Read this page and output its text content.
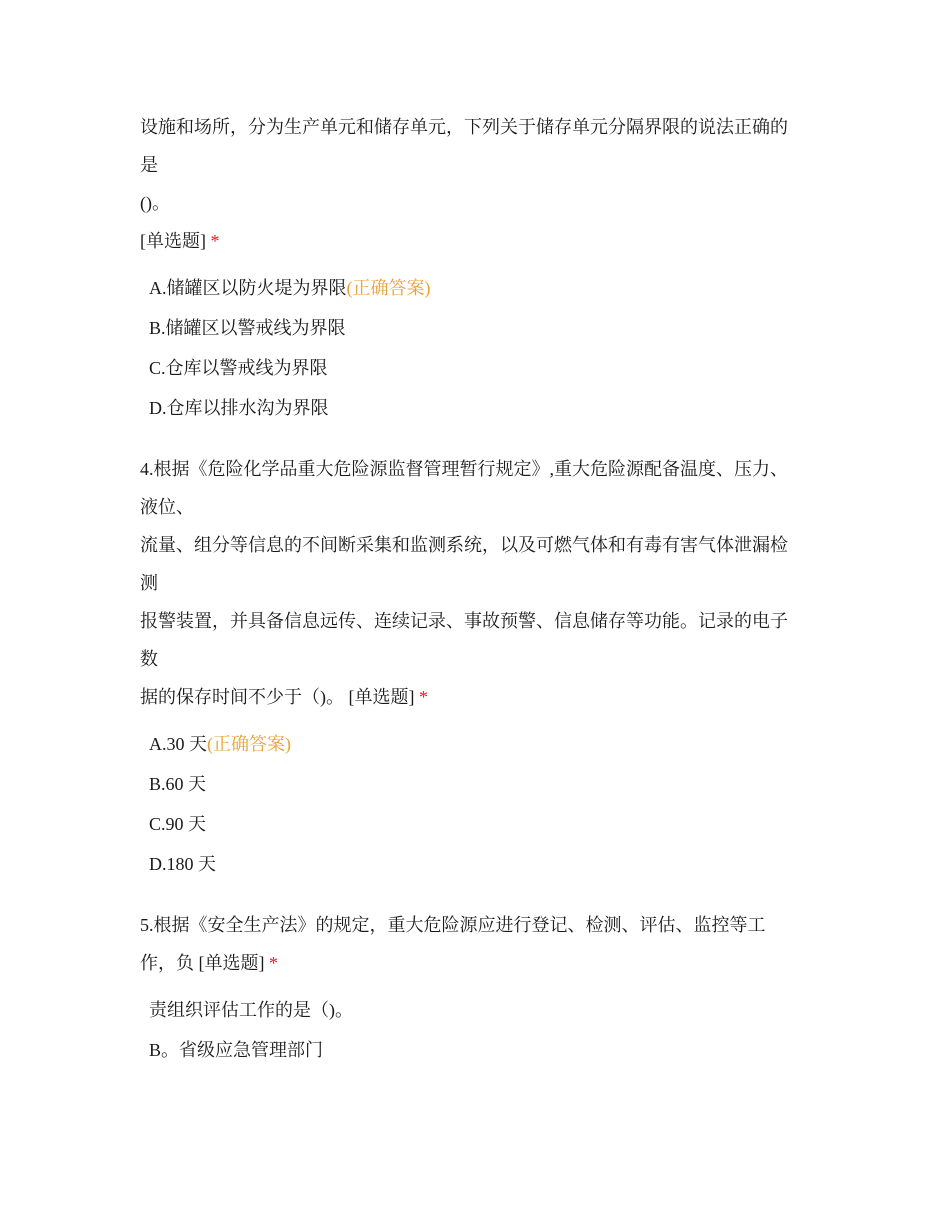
设施和场所，分为生产单元和储存单元，下列关于储存单元分隔界限的说法正确的
是
()。
[单选题] *
A.储罐区以防火堤为界限(正确答案)
B.储罐区以警戒线为界限
C.仓库以警戒线为界限
D.仓库以排水沟为界限
4.根据《危险化学品重大危险源监督管理暂行规定》,重大危险源配备温度、压力、
液位、
流量、组分等信息的不间断采集和监测系统，以及可燃气体和有毒有害气体泄漏检
测
报警装置，并具备信息远传、连续记录、事故预警、信息储存等功能。记录的电子
数
据的保存时间不少于（)。 [单选题] *
A.30 天(正确答案)
B.60 天
C.90 天
D.180 天
5.根据《安全生产法》的规定，重大危险源应进行登记、检测、评估、监控等工
作，负 [单选题] *
责组织评估工作的是（)。
B。省级应急管理部门
